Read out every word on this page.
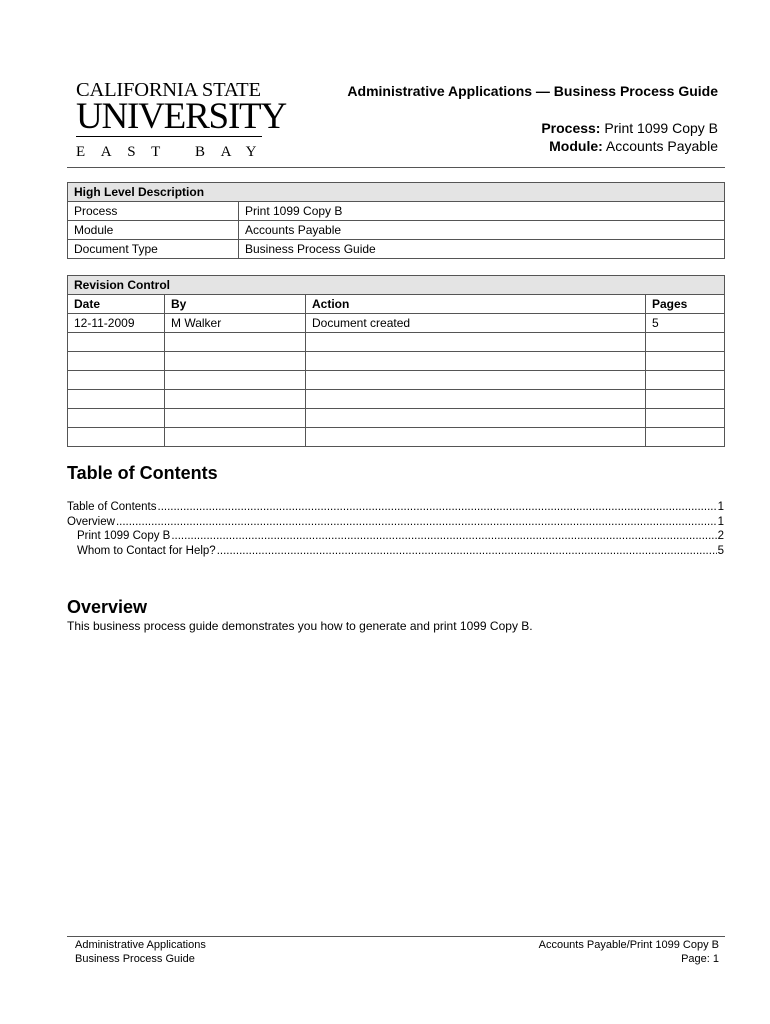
CALIFORNIA STATE
UNIVERSITY
EAST BAY
Administrative Applications — Business Process Guide
Process: Print 1099 Copy B
Module: Accounts Payable
High Level Description	
Process	Print 1099 Copy B
Module	Accounts Payable
Document Type	Business Process Guide
Revision Control			
Date	By	Action	Pages
12-11-2009	M Walker	Document created	5

Table of Contents
Table of Contents .....	1
Overview .....	1
Print 1099 Copy B .....	2
Whom to Contact for Help? .....	5
Overview
This business process guide demonstrates you how to generate and print 1099 Copy B.
Administrative Applications
Business Process Guide
Accounts Payable/Print 1099 Copy B
Page: 1
